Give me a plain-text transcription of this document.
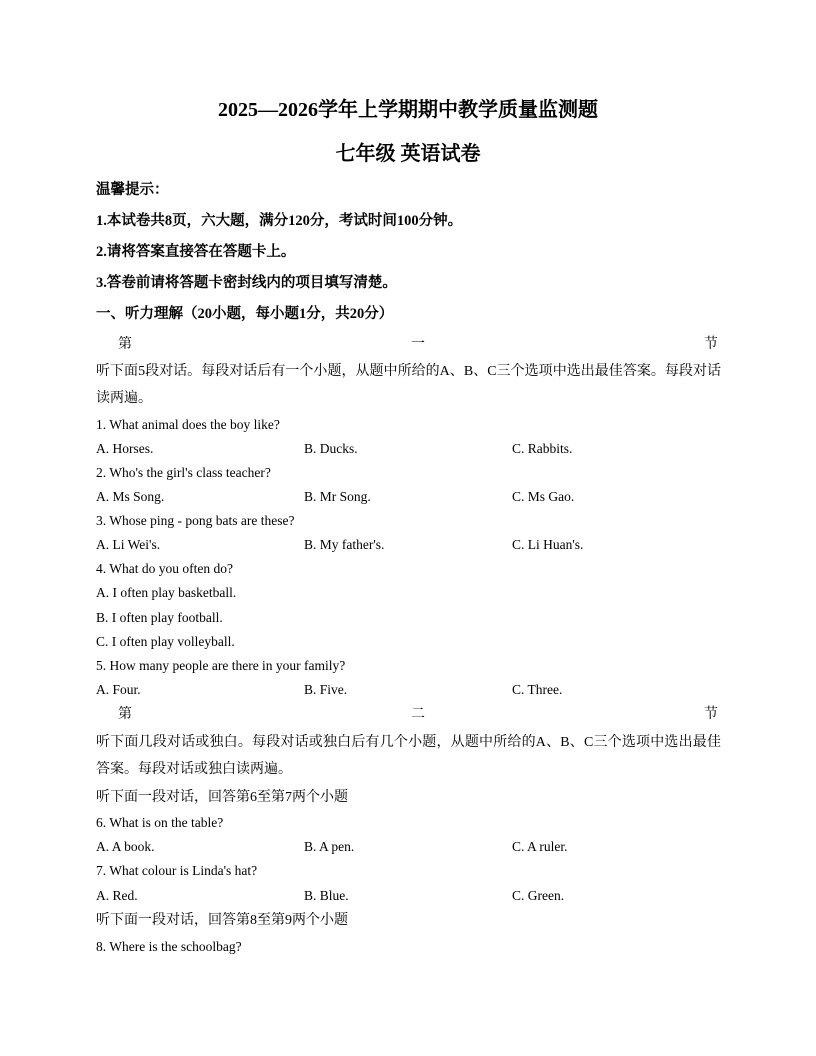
2025—2026学年上学期期中教学质量监测题
七年级 英语试卷
温馨提示：
1.本试卷共8页，六大题，满分120分，考试时间100分钟。
2.请将答案直接答在答题卡上。
3.答卷前请将答题卡密封线内的项目填写清楚。
一、听力理解（20小题，每小题1分，共20分）
第	一	节
听下面5段对话。每段对话后有一个小题，从题中所给的A、B、C三个选项中选出最佳答案。每段对话读两遍。
1. What animal does the boy like?
A. Horses.	B. Ducks.	C. Rabbits.
2. Who's the girl's class teacher?
A. Ms Song.	B. Mr Song.	C. Ms Gao.
3. Whose ping - pong bats are these?
A. Li Wei's.	B. My father's.	C. Li Huan's.
4. What do you often do?
A. I often play basketball.
B. I often play football.
C. I often play volleyball.
5. How many people are there in your family?
A. Four.	B. Five.	C. Three.
第	二	节
听下面几段对话或独白。每段对话或独白后有几个小题，从题中所给的A、B、C三个选项中选出最佳答案。每段对话或独白读两遍。
听下面一段对话，回答第6至第7两个小题
6. What is on the table?
A. A book.	B. A pen.	C. A ruler.
7. What colour is Linda's hat?
A. Red.	B. Blue.	C. Green.
听下面一段对话，回答第8至第9两个小题
8. Where is the schoolbag?
